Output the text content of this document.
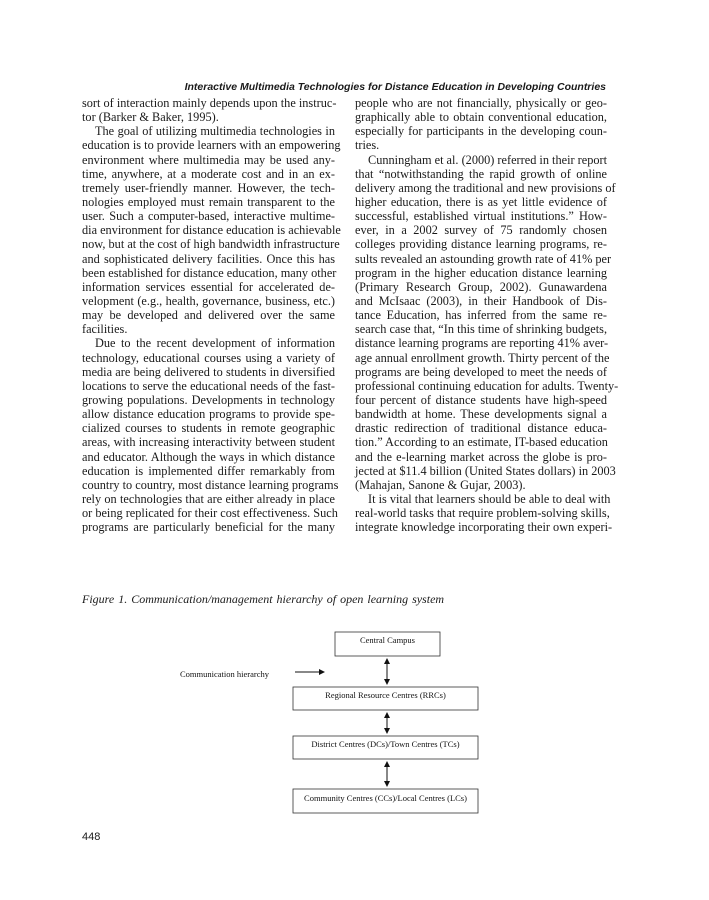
Interactive Multimedia Technologies for Distance Education in Developing Countries
sort of interaction mainly depends upon the instruc-
tor (Barker & Baker, 1995).
The goal of utilizing multimedia technologies in
education is to provide learners with an empowering
environment where multimedia may be used any-
time, anywhere, at a moderate cost and in an ex-
tremely user-friendly manner. However, the tech-
nologies employed must remain transparent to the
user. Such a computer-based, interactive multime-
dia environment for distance education is achievable
now, but at the cost of high bandwidth infrastructure
and sophisticated delivery facilities. Once this has
been established for distance education, many other
information services essential for accelerated de-
velopment (e.g., health, governance, business, etc.)
may be developed and delivered over the same
facilities.
Due to the recent development of information
technology, educational courses using a variety of
media are being delivered to students in diversified
locations to serve the educational needs of the fast-
growing populations. Developments in technology
allow distance education programs to provide spe-
cialized courses to students in remote geographic
areas, with increasing interactivity between student
and educator. Although the ways in which distance
education is implemented differ remarkably from
country to country, most distance learning programs
rely on technologies that are either already in place
or being replicated for their cost effectiveness. Such
programs are particularly beneficial for the many
people who are not financially, physically or geo-
graphically able to obtain conventional education,
especially for participants in the developing coun-
tries.
Cunningham et al. (2000) referred in their report
that “notwithstanding the rapid growth of online
delivery among the traditional and new provisions of
higher education, there is as yet little evidence of
successful, established virtual institutions.” How-
ever, in a 2002 survey of 75 randomly chosen
colleges providing distance learning programs, re-
sults revealed an astounding growth rate of 41% per
program in the higher education distance learning
(Primary Research Group, 2002). Gunawardena
and McIsaac (2003), in their Handbook of Dis-
tance Education, has inferred from the same re-
search case that, “In this time of shrinking budgets,
distance learning programs are reporting 41% aver-
age annual enrollment growth. Thirty percent of the
programs are being developed to meet the needs of
professional continuing education for adults. Twenty-
four percent of distance students have high-speed
bandwidth at home. These developments signal a
drastic redirection of traditional distance educa-
tion.” According to an estimate, IT-based education
and the e-learning market across the globe is pro-
jected at $11.4 billion (United States dollars) in 2003
(Mahajan, Sanone & Gujar, 2003).
It is vital that learners should be able to deal with
real-world tasks that require problem-solving skills,
integrate knowledge incorporating their own experi-
Figure 1. Communication/management hierarchy of open learning system
Communication hierarchy
Central Campus
Regional Resource Centres (RRCs)
District Centres (DCs)/Town Centres (TCs)
Community Centres (CCs)/Local Centres (LCs)
448
